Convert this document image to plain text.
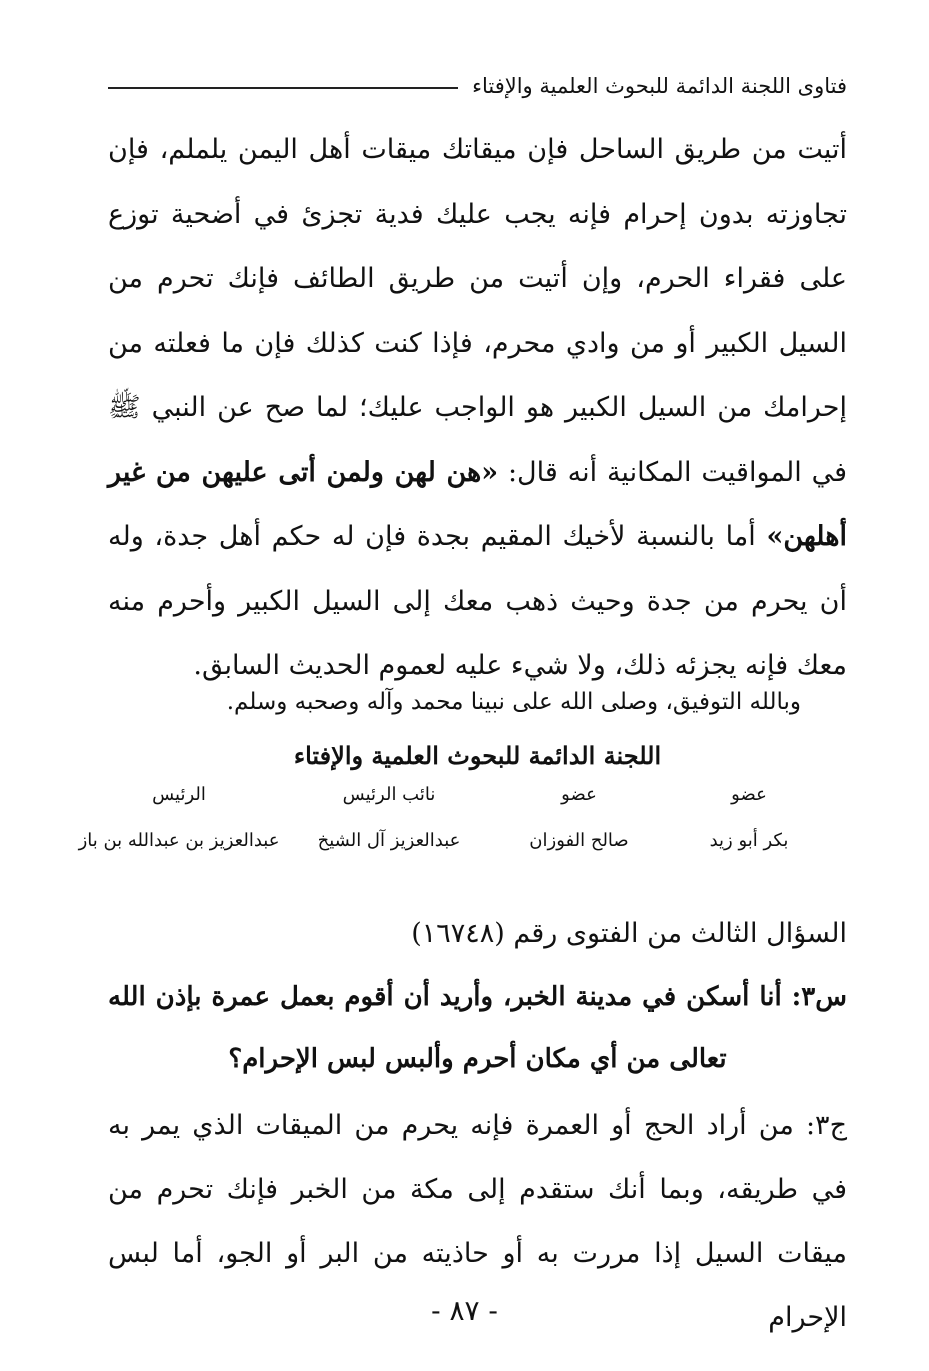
فتاوى اللجنة الدائمة للبحوث العلمية والإفتاء

أتيت من طريق الساحل فإن ميقاتك ميقات أهل اليمن يلملم، فإن تجاوزته بدون إحرام فإنه يجب عليك فدية تجزئ في أضحية توزع على فقراء الحرم، وإن أتيت من طريق الطائف فإنك تحرم من السيل الكبير أو من وادي محرم، فإذا كنت كذلك فإن ما فعلته من إحرامك من السيل الكبير هو الواجب عليك؛ لما صح عن النبي ﷺ في المواقيت المكانية أنه قال: «هن لهن ولمن أتى عليهن من غير أهلهن» أما بالنسبة لأخيك المقيم بجدة فإن له حكم أهل جدة، وله أن يحرم من جدة وحيث ذهب معك إلى السيل الكبير وأحرم منه معك فإنه يجزئه ذلك، ولا شيء عليه لعموم الحديث السابق.

وبالله التوفيق، وصلى الله على نبينا محمد وآله وصحبه وسلم.
اللجنة الدائمة للبحوث العلمية والإفتاء
عضو
بكر أبو زيد
عضو
صالح الفوزان
نائب الرئيس
عبدالعزيز آل الشيخ
الرئيس
عبدالعزيز بن عبدالله بن باز
السؤال الثالث من الفتوى رقم (١٦٧٤٨)
س٣: أنا أسكن في مدينة الخبر، وأريد أن أقوم بعمل عمرة بإذن الله تعالى من أي مكان أحرم وألبس لبس الإحرام؟
ج٣: من أراد الحج أو العمرة فإنه يحرم من الميقات الذي يمر به في طريقه، وبما أنك ستقدم إلى مكة من الخبر فإنك تحرم من ميقات السيل إذا مررت به أو حاذيته من البر أو الجو، أما لبس الإحرام
- ٨٧ -
